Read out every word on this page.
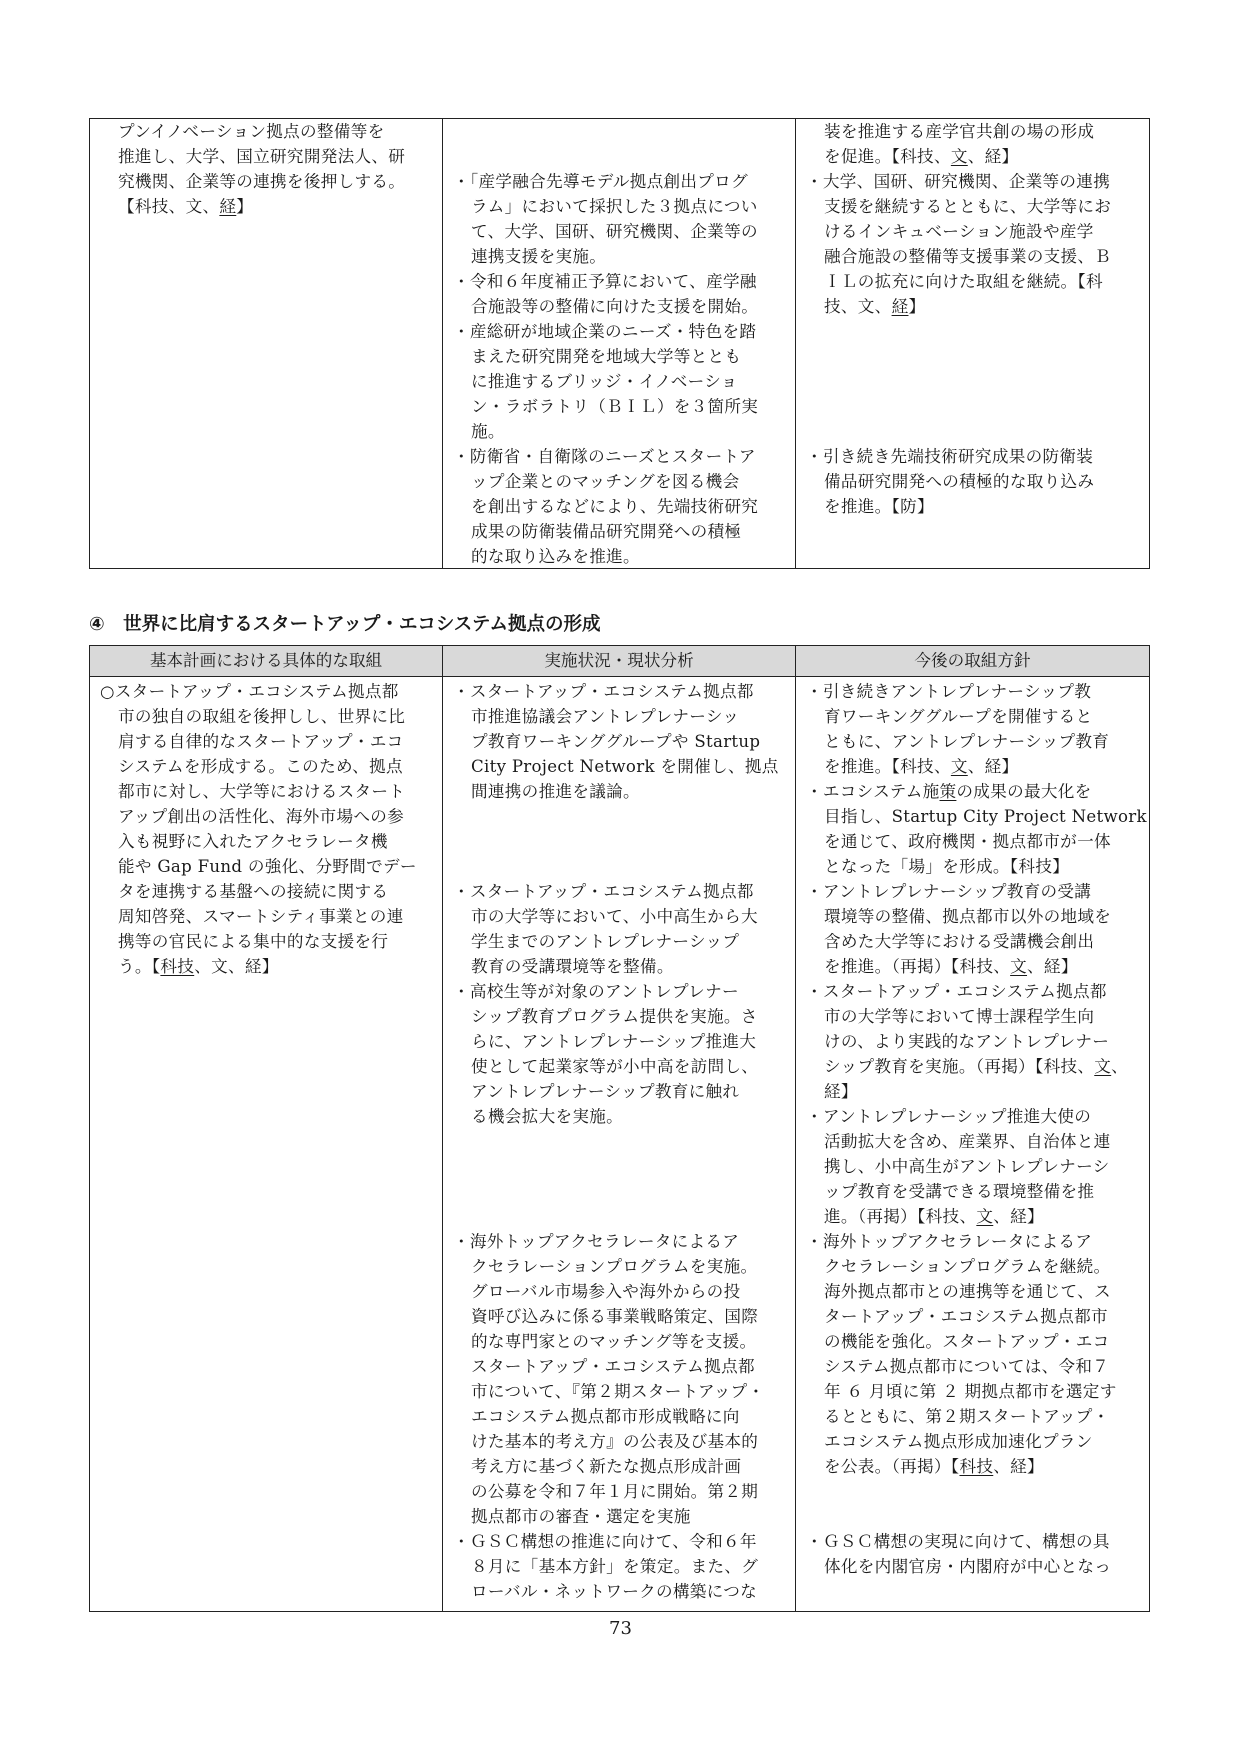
プンイノベーション拠点の整備等を
推進し、大学、国立研究開発法人、研
究機関、企業等の連携を後押しする。
【科技、文、経】
・「産学融合先導モデル拠点創出プログ
ラム」において採択した３拠点につい
て、大学、国研、研究機関、企業等の
連携支援を実施。
・令和６年度補正予算において、産学融
合施設等の整備に向けた支援を開始。
・産総研が地域企業のニーズ・特色を踏
まえた研究開発を地域大学等ととも
に推進するブリッジ・イノベーショ
ン・ラボラトリ（ＢＩＬ）を３箇所実
施。
・防衛省・自衛隊のニーズとスタートア
ップ企業とのマッチングを図る機会
を創出するなどにより、先端技術研究
成果の防衛装備品研究開発への積極
的な取り込みを推進。
装を推進する産学官共創の場の形成
を促進。【科技、文、経】
・大学、国研、研究機関、企業等の連携
支援を継続するとともに、大学等にお
けるインキュベーション施設や産学
融合施設の整備等支援事業の支援、Ｂ
ＩＬの拡充に向けた取組を継続。【科
技、文、経】
・引き続き先端技術研究成果の防衛装
備品研究開発への積極的な取り込み
を推進。【防】
④　世界に比肩するスタートアップ・エコシステム拠点の形成
基本計画における具体的な取組	実施状況・現状分析	今後の取組方針
○スタートアップ・エコシステム拠点都
市の独自の取組を後押しし、世界に比
肩する自律的なスタートアップ・エコ
システムを形成する。このため、拠点
都市に対し、大学等におけるスタート
アップ創出の活性化、海外市場への参
入も視野に入れたアクセラレータ機
能や Gap Fund の強化、分野間でデー
タを連携する基盤への接続に関する
周知啓発、スマートシティ事業との連
携等の官民による集中的な支援を行
う。【科技、文、経】
・スタートアップ・エコシステム拠点都
市推進協議会アントレプレナーシッ
プ教育ワーキンググループや Startup
City Project Network を開催し、拠点
間連携の推進を議論。
・スタートアップ・エコシステム拠点都
市の大学等において、小中高生から大
学生までのアントレプレナーシップ
教育の受講環境等を整備。
・高校生等が対象のアントレプレナー
シップ教育プログラム提供を実施。さ
らに、アントレプレナーシップ推進大
使として起業家等が小中高を訪問し、
アントレプレナーシップ教育に触れ
る機会拡大を実施。
・海外トップアクセラレータによるア
クセラレーションプログラムを実施。
グローバル市場参入や海外からの投
資呼び込みに係る事業戦略策定、国際
的な専門家とのマッチング等を支援。
スタートアップ・エコシステム拠点都
市について、『第２期スタートアップ・
エコシステム拠点都市形成戦略に向
けた基本的考え方』の公表及び基本的
考え方に基づく新たな拠点形成計画
の公募を令和７年１月に開始。第２期
拠点都市の審査・選定を実施
・ＧＳＣ構想の推進に向けて、令和６年
８月に「基本方針」を策定。また、グ
ローバル・ネットワークの構築につな
・引き続きアントレプレナーシップ教
育ワーキンググループを開催すると
ともに、アントレプレナーシップ教育
を推進。【科技、文、経】
・エコシステム施策の成果の最大化を
目指し、Startup City Project Network
を通じて、政府機関・拠点都市が一体
となった「場」を形成。【科技】
・アントレプレナーシップ教育の受講
環境等の整備、拠点都市以外の地域を
含めた大学等における受講機会創出
を推進。（再掲）【科技、文、経】
・スタートアップ・エコシステム拠点都
市の大学等において博士課程学生向
けの、より実践的なアントレプレナー
シップ教育を実施。（再掲）【科技、文、
経】
・アントレプレナーシップ推進大使の
活動拡大を含め、産業界、自治体と連
携し、小中高生がアントレプレナーシ
ップ教育を受講できる環境整備を推
進。（再掲）【科技、文、経】
・海外トップアクセラレータによるア
クセラレーションプログラムを継続。
海外拠点都市との連携等を通じて、ス
タートアップ・エコシステム拠点都市
の機能を強化。スタートアップ・エコ
システム拠点都市については、令和７
年 ６ 月頃に第 ２ 期拠点都市を選定す
るとともに、第２期スタートアップ・
エコシステム拠点形成加速化プラン
を公表。（再掲）【科技、経】
・ＧＳＣ構想の実現に向けて、構想の具
体化を内閣官房・内閣府が中心となっ
73
